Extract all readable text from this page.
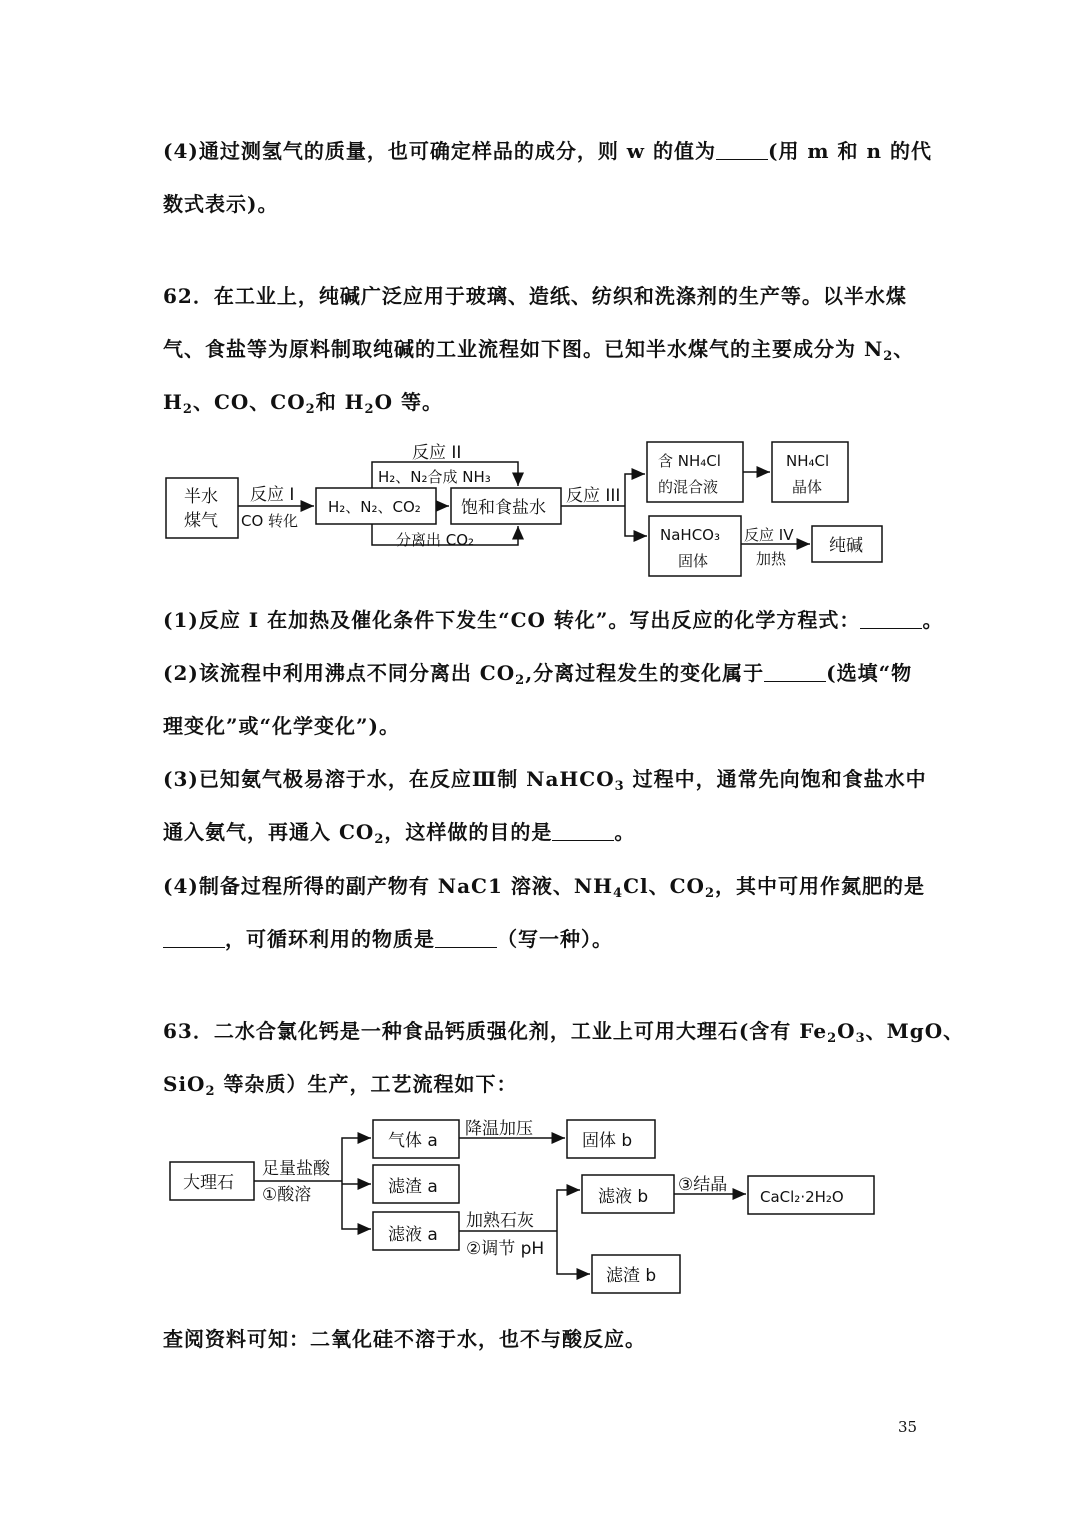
(4)通过测氢气的质量，也可确定样品的成分，则 w 的值为	(用 m 和 n 的代
数式表示)。
62．在工业上，纯碱广泛应用于玻璃、造纸、纺织和洗涤剂的生产等。以半水煤
气、食盐等为原料制取纯碱的工业流程如下图。已知半水煤气的主要成分为 $N_2$、
$H_2$、CO、$CO_2$和 $H_2O$ 等。
半水
煤气
反应 I
CO 转化
H₂、N₂、CO₂
反应 II
H₂、N₂合成 NH₃
分离出 CO₂
饱和食盐水
反应 III
含 NH₄Cl
的混合液
NH₄Cl
晶体
NaHCO₃
固体
反应 IV
加热
纯碱
大理石
足量盐酸
①酸溶
气体 a
降温加压
固体 b
滤渣 a
滤液 a
加熟石灰
②调节 pH
滤液 b
③结晶
CaCl₂·2H₂O
滤渣 b
(1)反应 I 在加热及催化条件下发生“CO 转化”。写出反应的化学方程式：	。
(2)该流程中利用沸点不同分离出 $CO_2$,分离过程发生的变化属于	(选填“物
理变化”或“化学变化”)。
(3)已知氨气极易溶于水，在反应Ⅲ制 NaHCO$_3$ 过程中，通常先向饱和食盐水中
通入氨气，再通入 $CO_2$，这样做的目的是	。
(4)制备过程所得的副产物有 NaC1 溶液、$NH_4Cl$、$CO_2$，其中可用作氮肥的是
，可循环利用的物质是	（写一种）。
63．二水合氯化钙是一种食品钙质强化剂，工业上可用大理石(含有 $Fe_2O_3$、MgO、
SiO$_2$ 等杂质）生产，工艺流程如下：
查阅资料可知：二氧化硅不溶于水，也不与酸反应。
35
